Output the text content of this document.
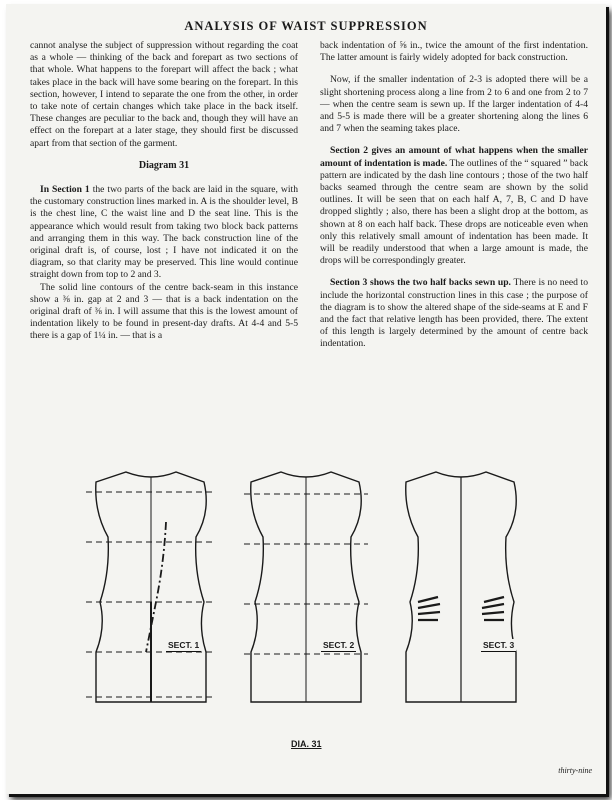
ANALYSIS OF WAIST SUPPRESSION

cannot analyse the subject of suppression without regarding the coat as a whole — thinking of the back and forepart as two sections of that whole. What happens to the forepart will affect the back ; what takes place in the back will have some bearing on the forepart. In this section, however, I intend to separate the one from the other, in order to take note of certain changes which take place in the back itself. These changes are peculiar to the back and, though they will have an effect on the forepart at a later stage, they should first be discussed apart from that section of the garment.

Diagram 31

In Section 1 the two parts of the back are laid in the square, with the customary construction lines marked in. A is the shoulder level, B is the chest line, C the waist line and D the seat line. This is the appearance which would result from taking two block back patterns and arranging them in this way. The back construction line of the original draft is, of course, lost ; I have not indicated it on the diagram, so that clarity may be preserved. This line would continue straight down from top to 2 and 3.

The solid line contours of the centre back-seam in this instance show a ⅜ in. gap at 2 and 3 — that is a back indentation on the original draft of ⅜ in. I will assume that this is the lowest amount of indentation likely to be found in present-day drafts. At 4-4 and 5-5 there is a gap of 1¼ in. — that is a

back indentation of ⅝ in., twice the amount of the first indentation. The latter amount is fairly widely adopted for back construction.

Now, if the smaller indentation of 2-3 is adopted there will be a slight shortening process along a line from 2 to 6 and one from 2 to 7 — when the centre seam is sewn up. If the larger indentation of 4-4 and 5-5 is made there will be a greater shortening along the lines 6 and 7 when the seaming takes place.

Section 2 gives an amount of what happens when the smaller amount of indentation is made. The outlines of the “ squared ” back pattern are indicated by the dash line contours ; those of the two half backs seamed through the centre seam are shown by the solid outlines. It will be seen that on each half A, 7, B, C and D have dropped slightly ; also, there has been a slight drop at the bottom, as shown at 8 on each half back. These drops are noticeable even when only this relatively small amount of indentation has been made. It will be readily understood that when a large amount is made, the drops will be correspondingly greater.

Section 3 shows the two half backs sewn up. There is no need to include the horizontal construction lines in this case ; the purpose of the diagram is to show the altered shape of the side-seams at E and F and the fact that relative length has been provided, there. The extent of this length is largely determined by the amount of centre back indentation.

SECT. 1	SECT. 2	SECT. 3
DIA. 31
thirty-nine
